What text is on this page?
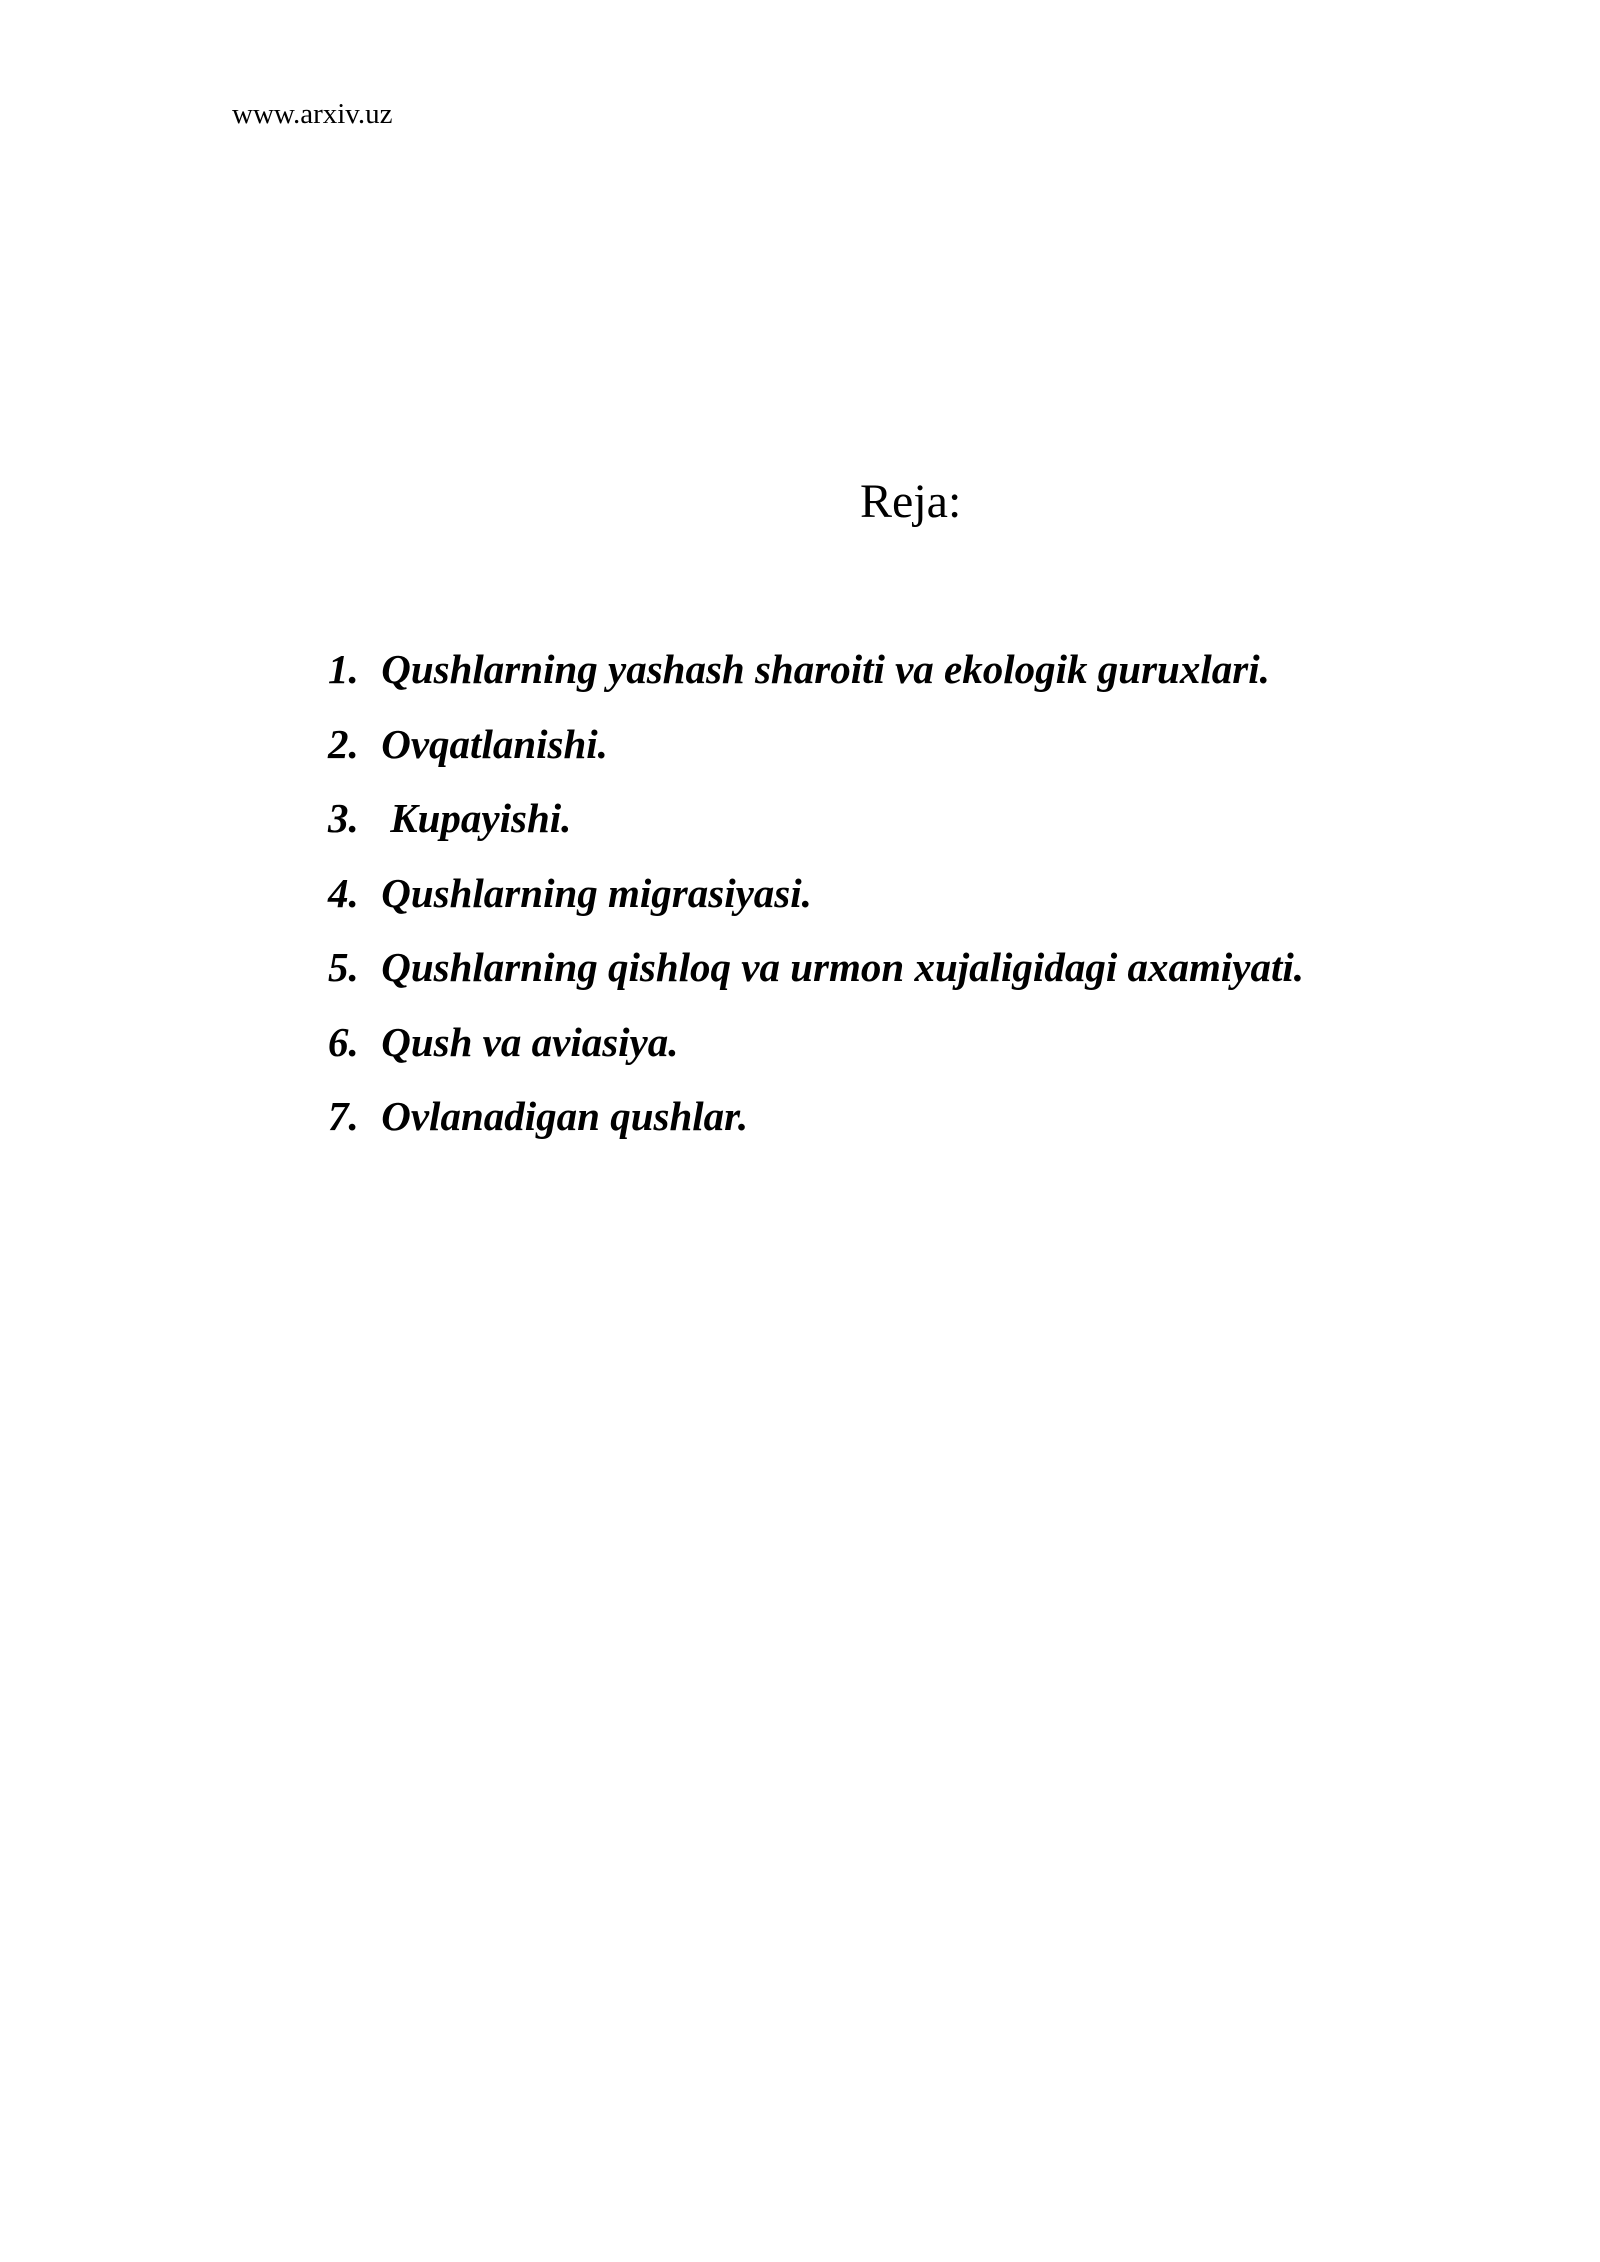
www.arxiv.uz
Reja:
1. Qushlarning yashash sharoiti va ekologik guruxlari.
2. Ovqatlanishi.
3. Kupayishi.
4. Qushlarning migrasiyasi.
5. Qushlarning qishloq va urmon xujaligidagi axamiyati.
6. Qush va aviasiya.
7. Ovlanadigan qushlar.
